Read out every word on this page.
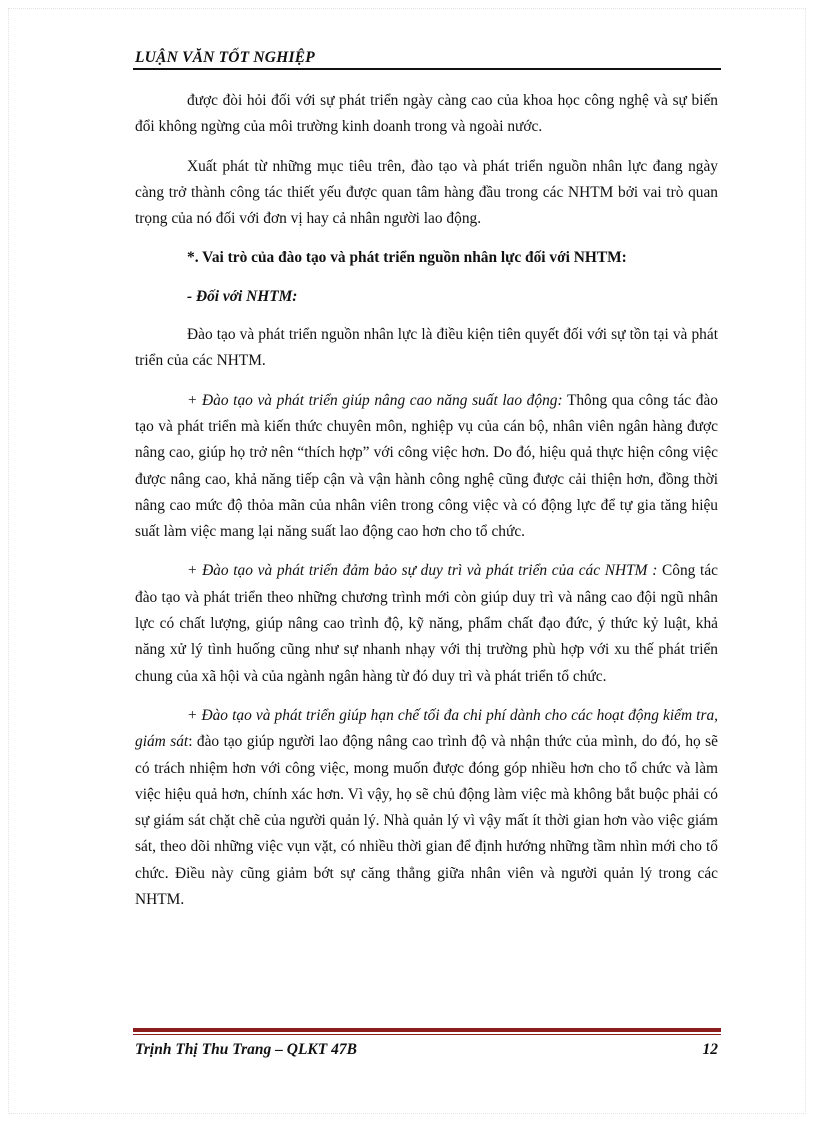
LUẬN VĂN TỐT NGHIỆP

được đòi hỏi đối với sự phát triển ngày càng cao của khoa học công nghệ và sự biến đổi không ngừng của môi trường kinh doanh trong và ngoài nước.

Xuất phát từ những mục tiêu trên, đào tạo và phát triển nguồn nhân lực đang ngày càng trở thành công tác thiết yếu được quan tâm hàng đầu trong các NHTM bởi vai trò quan trọng của nó đối với đơn vị hay cả nhân người lao động.

*. Vai trò của đào tạo và phát triển nguồn nhân lực đối với NHTM:

- Đối với NHTM:

Đào tạo và phát triển nguồn nhân lực là điều kiện tiên quyết đối với sự tồn tại và phát triển của các NHTM.

+ Đào tạo và phát triển giúp nâng cao năng suất lao động: Thông qua công tác đào tạo và phát triển mà kiến thức chuyên môn, nghiệp vụ của cán bộ, nhân viên ngân hàng được nâng cao, giúp họ trở nên “thích hợp” với công việc hơn. Do đó, hiệu quả thực hiện công việc được nâng cao, khả năng tiếp cận và vận hành công nghệ cũng được cải thiện hơn, đồng thời nâng cao mức độ thỏa mãn của nhân viên trong công việc và có động lực để tự gia tăng hiệu suất làm việc mang lại năng suất lao động cao hơn cho tổ chức.

+ Đào tạo và phát triển đảm bảo sự duy trì và phát triển của các NHTM : Công tác đào tạo và phát triển theo những chương trình mới còn giúp duy trì và nâng cao đội ngũ nhân lực có chất lượng, giúp nâng cao trình độ, kỹ năng, phẩm chất đạo đức, ý thức kỷ luật, khả năng xử lý tình huống cũng như sự nhanh nhạy với thị trường phù hợp với xu thế phát triển chung của xã hội và của ngành ngân hàng từ đó duy trì và phát triển tổ chức.

+ Đào tạo và phát triển giúp hạn chế tối đa chi phí dành cho các hoạt động kiểm tra, giám sát: đào tạo giúp người lao động nâng cao trình độ và nhận thức của mình, do đó, họ sẽ có trách nhiệm hơn với công việc, mong muốn được đóng góp nhiều hơn cho tổ chức và làm việc hiệu quả hơn, chính xác hơn. Vì vậy, họ sẽ chủ động làm việc mà không bắt buộc phải có sự giám sát chặt chẽ của người quản lý. Nhà quản lý vì vậy mất ít thời gian hơn vào việc giám sát, theo dõi những việc vụn vặt, có nhiều thời gian để định hướng những tầm nhìn mới cho tổ chức. Điều này cũng giảm bớt sự căng thẳng giữa nhân viên và người quản lý trong các NHTM.

Trịnh Thị Thu Trang – QLKT 47B	12
